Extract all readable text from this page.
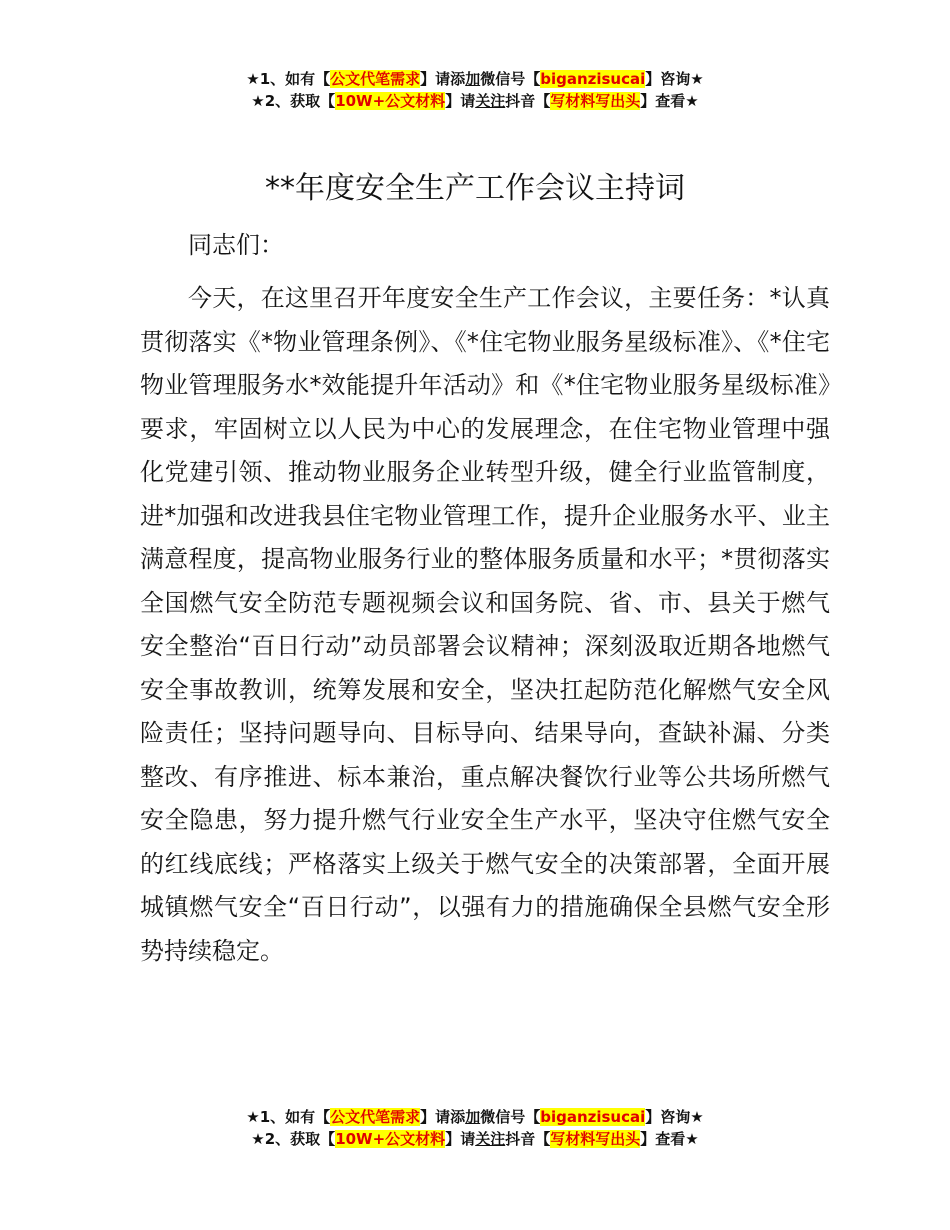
★1、如有【公文代笔需求】请添加微信号【biganzisucai】咨询★
★2、获取【10W+公文材料】请关注抖音【写材料写出头】查看★
**年度安全生产工作会议主持词
同志们：
今天，在这里召开年度安全生产工作会议，主要任务：*认真贯彻落实《*物业管理条例》、《*住宅物业服务星级标准》、《*住宅物业管理服务水*效能提升年活动》和《*住宅物业服务星级标准》要求，牢固树立以人民为中心的发展理念，在住宅物业管理中强化党建引领、推动物业服务企业转型升级，健全行业监管制度，进*加强和改进我县住宅物业管理工作，提升企业服务水平、业主满意程度，提高物业服务行业的整体服务质量和水平；*贯彻落实全国燃气安全防范专题视频会议和国务院、省、市、县关于燃气安全整治“百日行动”动员部署会议精神；深刻汲取近期各地燃气安全事故教训，统筹发展和安全，坚决扛起防范化解燃气安全风险责任；坚持问题导向、目标导向、结果导向，查缺补漏、分类整改、有序推进、标本兼治，重点解决餐饮行业等公共场所燃气安全隐患，努力提升燃气行业安全生产水平，坚决守住燃气安全的红线底线；严格落实上级关于燃气安全的决策部署，全面开展城镇燃气安全“百日行动”，以强有力的措施确保全县燃气安全形势持续稳定。
★1、如有【公文代笔需求】请添加微信号【biganzisucai】咨询★
★2、获取【10W+公文材料】请关注抖音【写材料写出头】查看★
